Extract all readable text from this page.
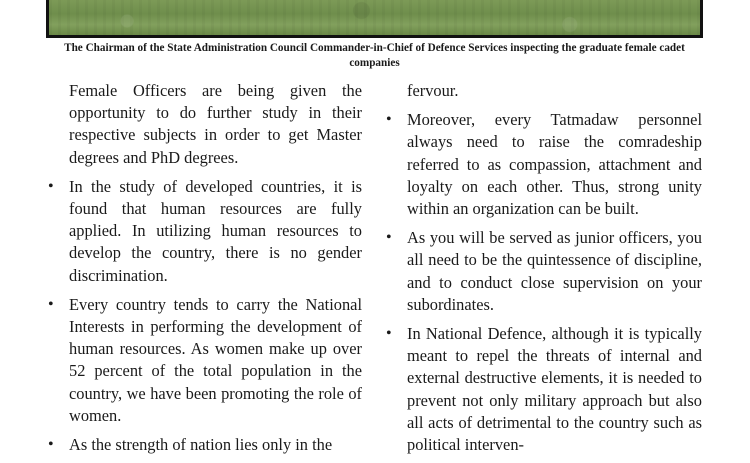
The Chairman of the State Administration Council Commander-in-Chief of Defence Services inspecting the graduate female cadet companies

Female Officers are being given the opportunity to do further study in their respective subjects in order to get Master degrees and PhD degrees.

• In the study of developed countries, it is found that human resources are fully applied. In utilizing human resources to develop the country, there is no gender discrimination.
• Every country tends to carry the National Interests in performing the development of human resources. As women make up over 52 percent of the total population in the country, we have been promoting the role of women.
• As the strength of nation lies only in the

fervour.

• Moreover, every Tatmadaw personnel always need to raise the comradeship referred to as compassion, attachment and loyalty on each other. Thus, strong unity within an organization can be built.
• As you will be served as junior officers, you all need to be the quintessence of discipline, and to conduct close supervision on your subordinates.
• In National Defence, although it is typically meant to repel the threats of internal and external destructive elements, it is needed to prevent not only military approach but also all acts of detrimental to the country such as political interven-
